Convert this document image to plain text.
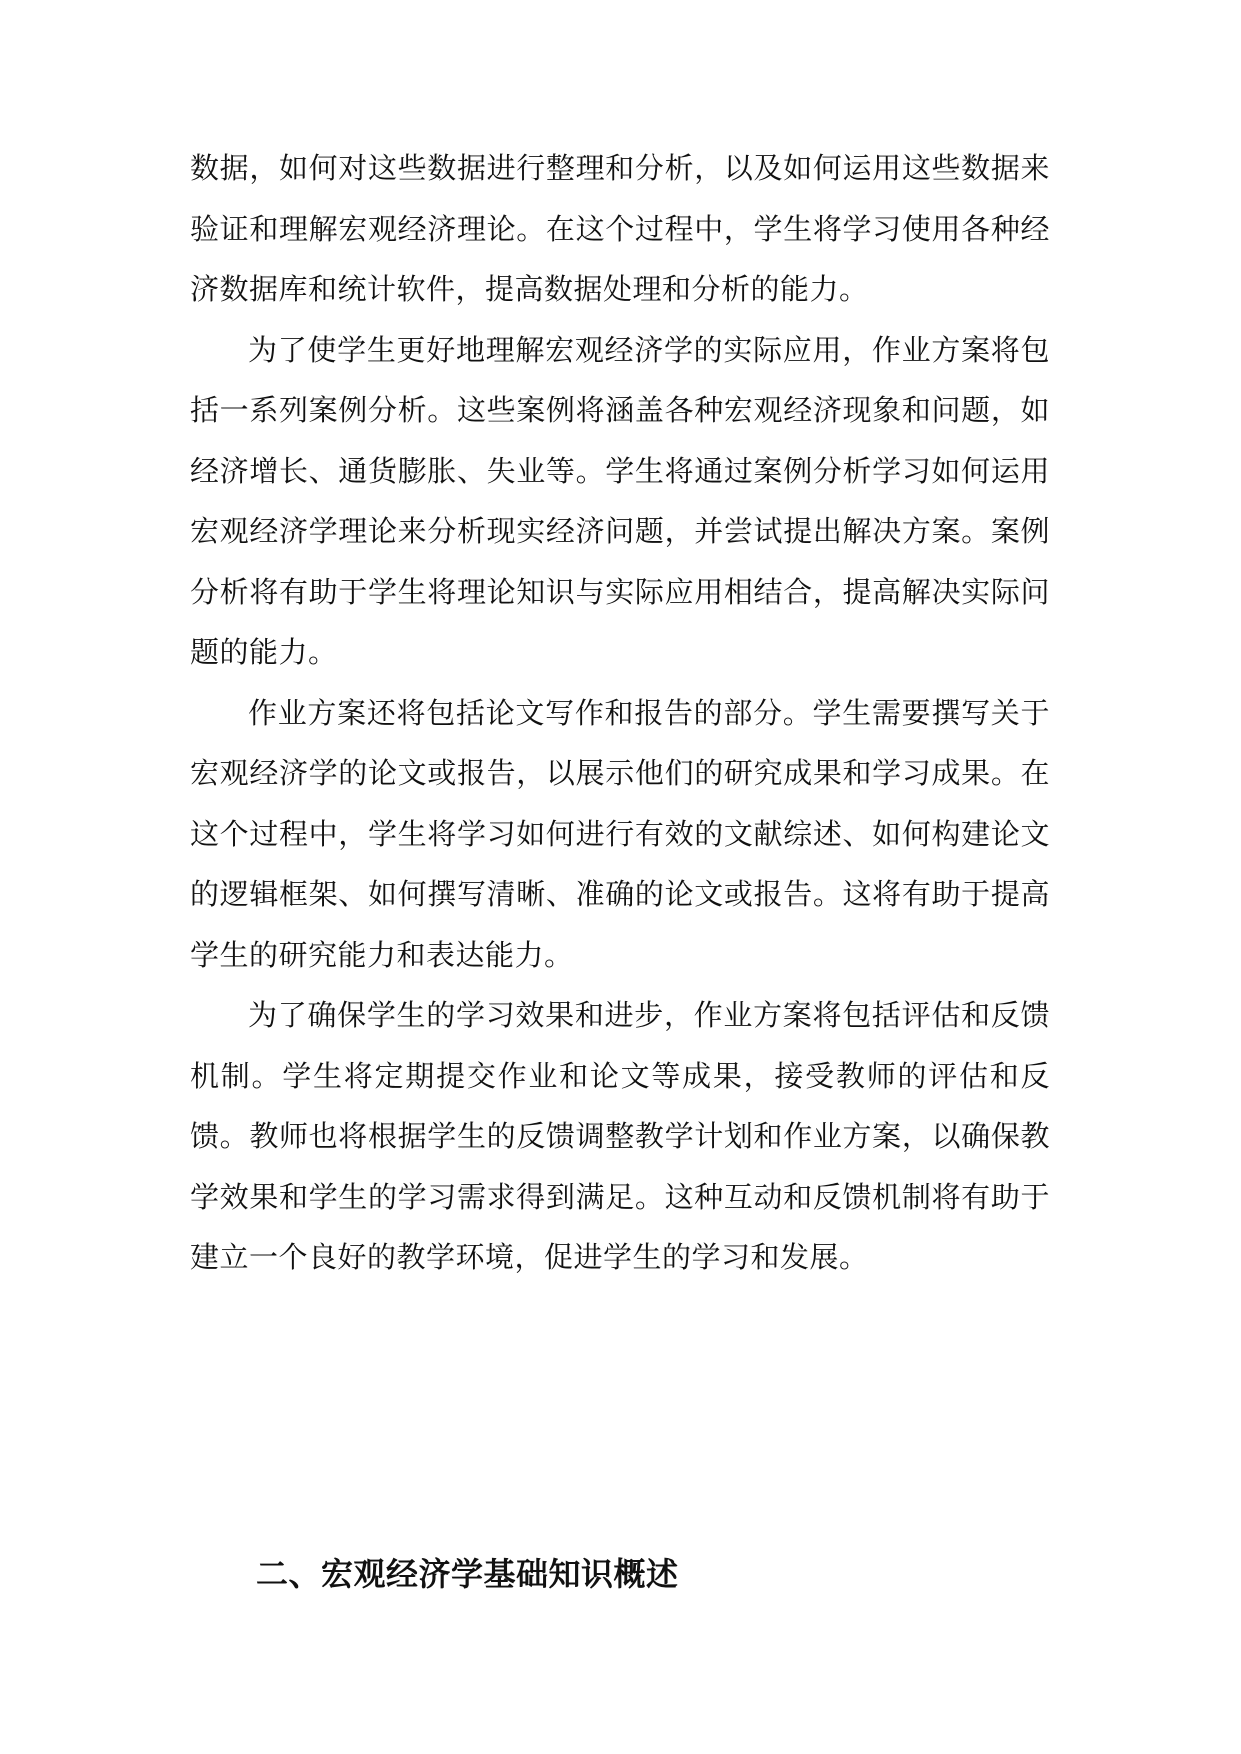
数据，如何对这些数据进行整理和分析，以及如何运用这些数据来验证和理解宏观经济理论。在这个过程中，学生将学习使用各种经济数据库和统计软件，提高数据处理和分析的能力。

为了使学生更好地理解宏观经济学的实际应用，作业方案将包括一系列案例分析。这些案例将涵盖各种宏观经济现象和问题，如经济增长、通货膨胀、失业等。学生将通过案例分析学习如何运用宏观经济学理论来分析现实经济问题，并尝试提出解决方案。案例分析将有助于学生将理论知识与实际应用相结合，提高解决实际问题的能力。

作业方案还将包括论文写作和报告的部分。学生需要撰写关于宏观经济学的论文或报告，以展示他们的研究成果和学习成果。在这个过程中，学生将学习如何进行有效的文献综述、如何构建论文的逻辑框架、如何撰写清晰、准确的论文或报告。这将有助于提高学生的研究能力和表达能力。

为了确保学生的学习效果和进步，作业方案将包括评估和反馈机制。学生将定期提交作业和论文等成果，接受教师的评估和反馈。教师也将根据学生的反馈调整教学计划和作业方案，以确保教学效果和学生的学习需求得到满足。这种互动和反馈机制将有助于建立一个良好的教学环境，促进学生的学习和发展。

二、宏观经济学基础知识概述
